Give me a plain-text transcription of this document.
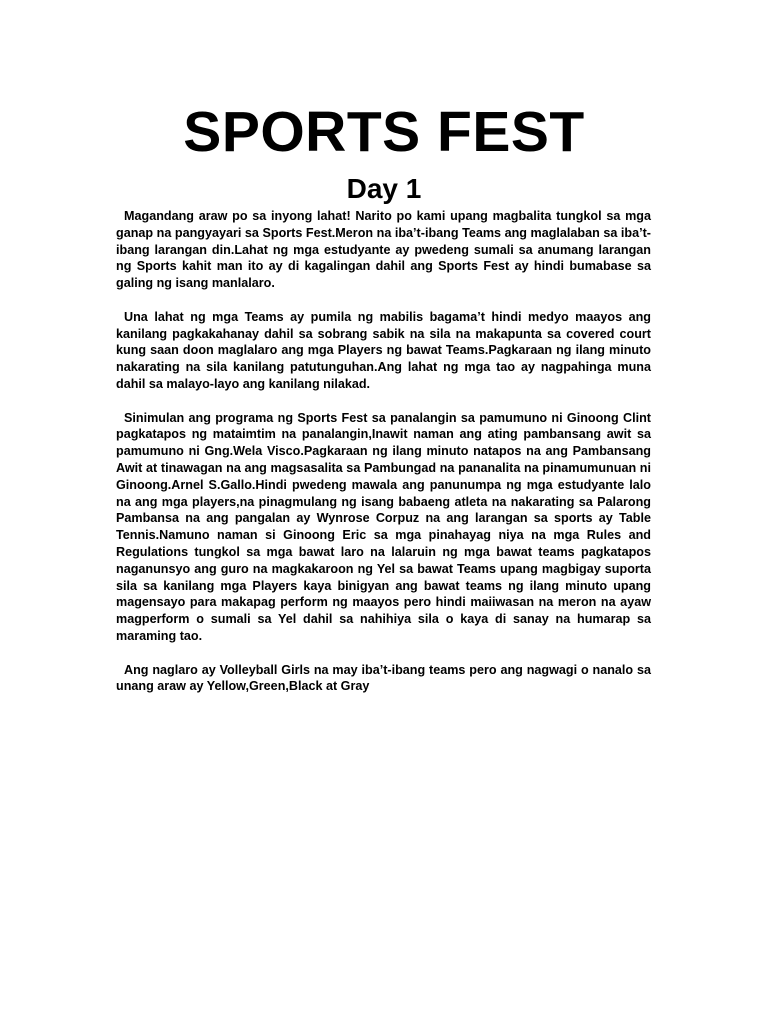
SPORTS FEST
Day 1

Magandang araw po sa inyong lahat! Narito po kami upang magbalita tungkol sa mga ganap na pangyayari sa Sports Fest.Meron na iba’t-ibang Teams ang maglalaban sa iba’t-ibang larangan din.Lahat ng mga estudyante ay pwedeng sumali sa anumang larangan ng Sports kahit man ito ay di kagalingan dahil ang Sports Fest ay hindi bumabase sa galing ng isang manlalaro.

Una lahat ng mga Teams ay pumila ng mabilis bagama’t hindi medyo maayos ang kanilang pagkakahanay dahil sa sobrang sabik na sila na makapunta sa covered court kung saan doon maglalaro ang mga Players ng bawat Teams.Pagkaraan ng ilang minuto nakarating na sila kanilang patutunguhan.Ang lahat ng mga tao ay nagpahinga muna dahil sa malayo-layo ang kanilang nilakad.

Sinimulan ang programa ng Sports Fest sa panalangin sa pamumuno ni Ginoong Clint pagkatapos ng mataimtim na panalangin,Inawit naman ang ating pambansang awit sa pamumuno ni Gng.Wela Visco.Pagkaraan ng ilang minuto natapos na ang Pambansang Awit at tinawagan na ang magsasalita sa Pambungad na pananalita na pinamumunuan ni Ginoong.Arnel S.Gallo.Hindi pwedeng mawala ang panunumpa ng mga estudyante lalo na ang mga players,na pinagmulang ng isang babaeng atleta na nakarating sa Palarong Pambansa na ang pangalan ay Wynrose Corpuz na ang larangan sa sports ay Table Tennis.Namuno naman si Ginoong Eric sa mga pinahayag niya na mga Rules and Regulations tungkol sa mga bawat laro na lalaruin ng mga bawat teams pagkatapos naganunsyo ang guro na magkakaroon ng Yel sa bawat Teams upang magbigay suporta sila sa kanilang mga Players kaya binigyan ang bawat teams ng ilang minuto upang magensayo para makapag perform ng maayos pero hindi maiiwasan na meron na ayaw magperform o sumali sa Yel dahil sa nahihiya sila o kaya di sanay na humarap sa maraming tao.

Ang naglaro ay Volleyball Girls na may iba’t-ibang teams pero ang nagwagi o nanalo sa unang araw ay Yellow,Green,Black at Gray
